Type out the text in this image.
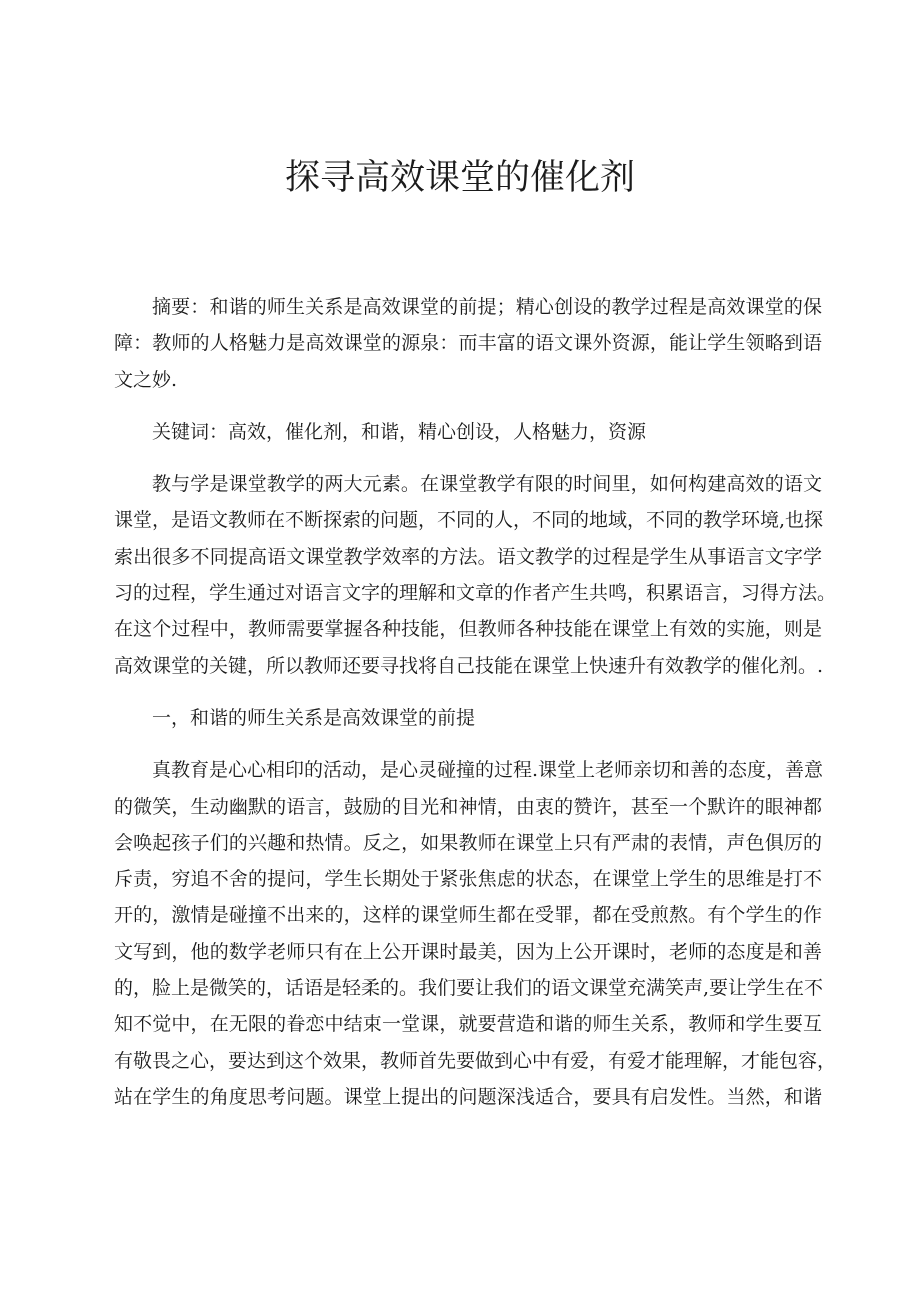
探寻高效课堂的催化剂
摘要：和谐的师生关系是高效课堂的前提；精心创设的教学过程是高效课堂的保
障：教师的人格魅力是高效课堂的源泉：而丰富的语文课外资源，能让学生领略到语
文之妙.
关键词：高效，催化剂，和谐，精心创设，人格魅力，资源
教与学是课堂教学的两大元素。在课堂教学有限的时间里，如何构建高效的语文
课堂，是语文教师在不断探索的问题，不同的人，不同的地域，不同的教学环境,也探
索出很多不同提高语文课堂教学效率的方法。语文教学的过程是学生从事语言文字学
习的过程，学生通过对语言文字的理解和文章的作者产生共鸣，积累语言，习得方法。
在这个过程中，教师需要掌握各种技能，但教师各种技能在课堂上有效的实施，则是
高效课堂的关键，所以教师还要寻找将自己技能在课堂上快速升有效教学的催化剂。.
一，和谐的师生关系是高效课堂的前提
真教育是心心相印的活动，是心灵碰撞的过程.课堂上老师亲切和善的态度，善意
的微笑，生动幽默的语言，鼓励的目光和神情，由衷的赞许，甚至一个默许的眼神都
会唤起孩子们的兴趣和热情。反之，如果教师在课堂上只有严肃的表情，声色俱厉的
斥责，穷追不舍的提问，学生长期处于紧张焦虑的状态，在课堂上学生的思维是打不
开的，激情是碰撞不出来的，这样的课堂师生都在受罪，都在受煎熬。有个学生的作
文写到，他的数学老师只有在上公开课时最美，因为上公开课时，老师的态度是和善
的，脸上是微笑的，话语是轻柔的。我们要让我们的语文课堂充满笑声,要让学生在不
知不觉中，在无限的眷恋中结束一堂课，就要营造和谐的师生关系，教师和学生要互
有敬畏之心，要达到这个效果，教师首先要做到心中有爱，有爱才能理解，才能包容，
站在学生的角度思考问题。课堂上提出的问题深浅适合，要具有启发性。当然，和谐
